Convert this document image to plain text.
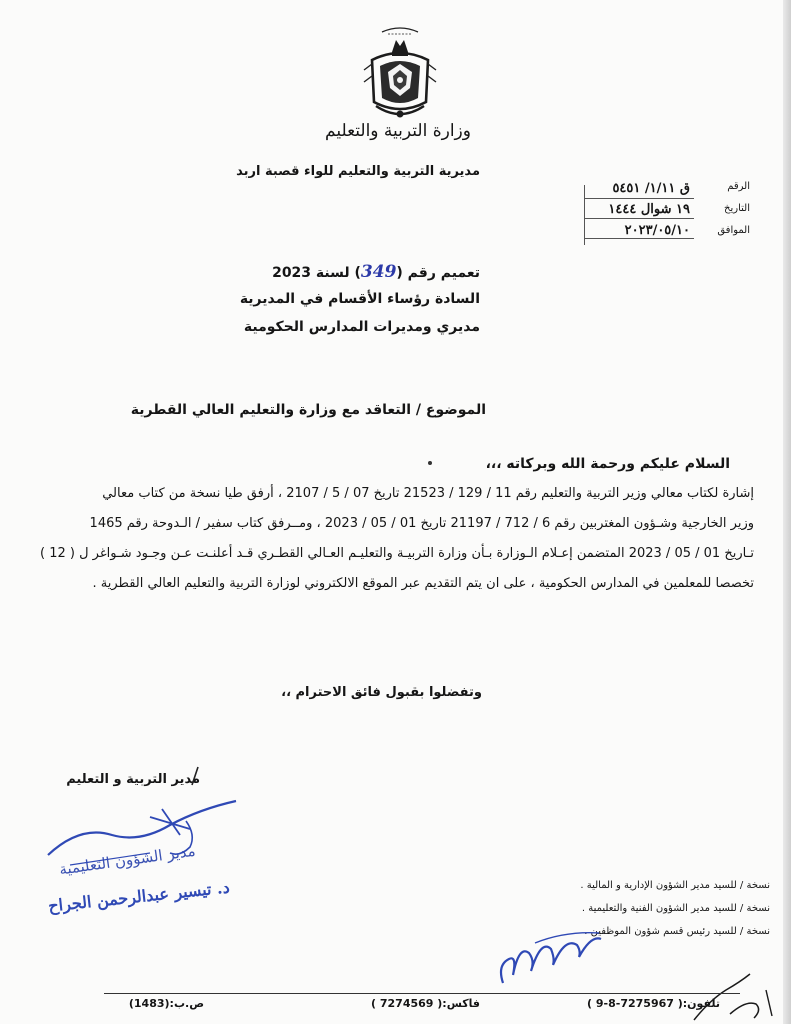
وزارة التربية والتعليم
مديرية التربية والتعليم للواء قصبة اربد
الرقم
التاريخ
الموافق
ق ١/١١/ ٥٤٥١
١٩ شوال ١٤٤٤
٢٠٢٣/٠٥/١٠
تعميم رقم (349) لسنة 2023
السادة رؤساء الأقسام في المديرية
مديري ومديرات المدارس الحكومية
الموضوع / التعاقد مع وزارة والتعليم العالي القطرية
السلام عليكم ورحمة الله وبركاته ،،،
إشارة لكتاب معالي وزير التربية والتعليم رقم 11 / 129 / 21523 تاريخ 07 / 5 / 2107 ، أرفق طيا نسخة من كتاب معالي
وزير الخارجية وشـؤون المغتربين رقم 6 / 712 / 21197 تاريخ 01 / 05 / 2023 ، ومــرفق كتاب سفير / الـدوحة رقم 1465
تـاريخ 01 / 05 / 2023 المتضمن إعـلام الـوزارة بـأن وزارة التربيـة والتعليـم العـالي القطـري قـد أعلنـت عـن وجـود شـواغر ل ( 12 )
تخصصا للمعلمين في المدارس الحكومية ، على ان يتم التقديم عبر الموقع الالكتروني لوزارة التربية والتعليم العالي القطرية .
وتفضلوا بقبول فائق الاحترام ،،
مدير التربية و التعليم
مدير الشؤون التعليمية
د. تيسير عبدالرحمن الجراح	نسخة / للسيد مدير الشؤون الإدارية و المالية .
نسخة / للسيد مدير الشؤون الفنية والتعليمية .
نسخة / للسيد رئيس قسم شؤون الموظفين .
تلفون:( 7275967-8-9 )
فاكس:( 7274569 )
ص.ب:(1483)
